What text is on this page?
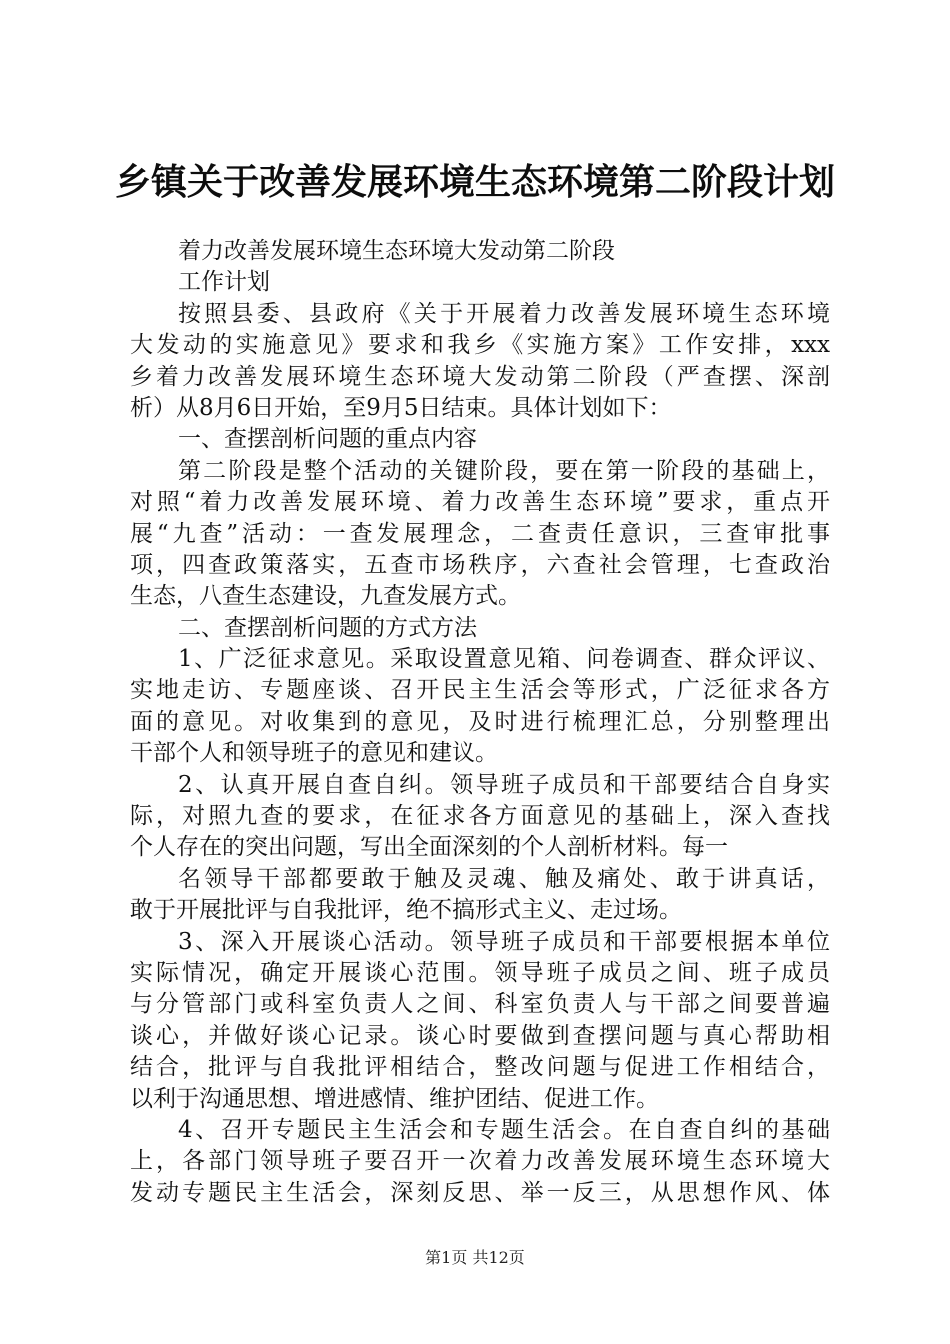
乡镇关于改善发展环境生态环境第二阶段计划
着力改善发展环境生态环境大发动第二阶段
工作计划
按照县委、县政府《关于开展着力改善发展环境生态环境
大发动的实施意见》要求和我乡《实施方案》工作安排，xxx
乡着力改善发展环境生态环境大发动第二阶段（严查摆、深剖
析）从8月6日开始，至9月5日结束。具体计划如下：
一、查摆剖析问题的重点内容
第二阶段是整个活动的关键阶段，要在第一阶段的基础上，
对照“着力改善发展环境、着力改善生态环境”要求，重点开
展“九查”活动：一查发展理念，二查责任意识，三查审批事
项，四查政策落实，五查市场秩序，六查社会管理，七查政治
生态，八查生态建设，九查发展方式。
二、查摆剖析问题的方式方法
1、广泛征求意见。采取设置意见箱、问卷调查、群众评议、
实地走访、专题座谈、召开民主生活会等形式，广泛征求各方
面的意见。对收集到的意见，及时进行梳理汇总，分别整理出
干部个人和领导班子的意见和建议。
2、认真开展自查自纠。领导班子成员和干部要结合自身实
际，对照九查的要求，在征求各方面意见的基础上，深入查找
个人存在的突出问题，写出全面深刻的个人剖析材料。每一
名领导干部都要敢于触及灵魂、触及痛处、敢于讲真话，
敢于开展批评与自我批评，绝不搞形式主义、走过场。
3、深入开展谈心活动。领导班子成员和干部要根据本单位
实际情况，确定开展谈心范围。领导班子成员之间、班子成员
与分管部门或科室负责人之间、科室负责人与干部之间要普遍
谈心，并做好谈心记录。谈心时要做到查摆问题与真心帮助相
结合，批评与自我批评相结合，整改问题与促进工作相结合，
以利于沟通思想、增进感情、维护团结、促进工作。
4、召开专题民主生活会和专题生活会。在自查自纠的基础
上，各部门领导班子要召开一次着力改善发展环境生态环境大
发动专题民主生活会，深刻反思、举一反三，从思想作风、体
第1页 共12页
